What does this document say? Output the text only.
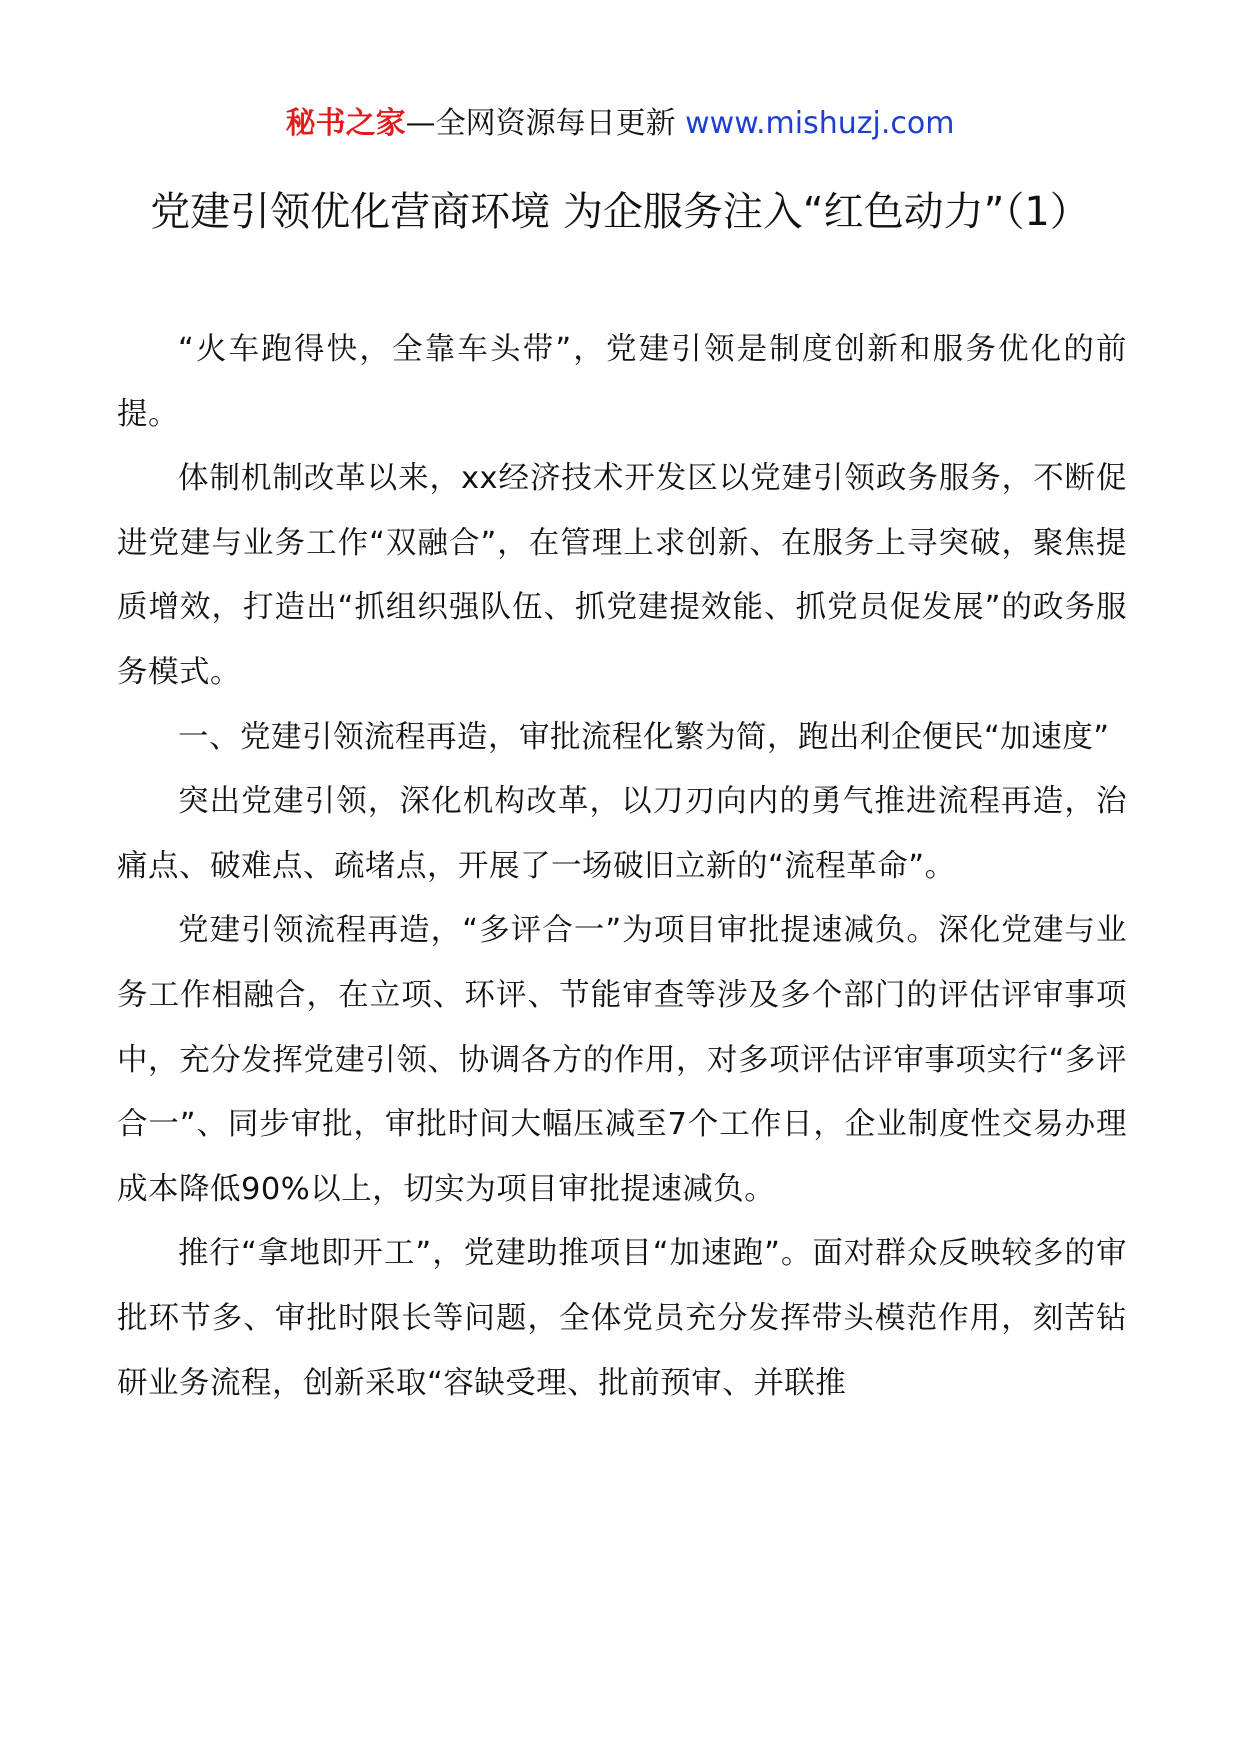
秘书之家—全网资源每日更新 www.mishuzj.com
党建引领优化营商环境 为企服务注入“红色动力”（1）

“火车跑得快，全靠车头带”，党建引领是制度创新和服务优化的前提。

体制机制改革以来，xx经济技术开发区以党建引领政务服务，不断促进党建与业务工作“双融合”，在管理上求创新、在服务上寻突破，聚焦提质增效，打造出“抓组织强队伍、抓党建提效能、抓党员促发展”的政务服务模式。

一、党建引领流程再造，审批流程化繁为简，跑出利企便民“加速度”

突出党建引领，深化机构改革，以刀刃向内的勇气推进流程再造，治痛点、破难点、疏堵点，开展了一场破旧立新的“流程革命”。

党建引领流程再造，“多评合一”为项目审批提速减负。深化党建与业务工作相融合，在立项、环评、节能审查等涉及多个部门的评估评审事项中，充分发挥党建引领、协调各方的作用，对多项评估评审事项实行“多评合一”、同步审批，审批时间大幅压减至7个工作日，企业制度性交易办理成本降低90%以上，切实为项目审批提速减负。

推行“拿地即开工”，党建助推项目“加速跑”。面对群众反映较多的审批环节多、审批时限长等问题，全体党员充分发挥带头模范作用，刻苦钻研业务流程，创新采取“容缺受理、批前预审、并联推
